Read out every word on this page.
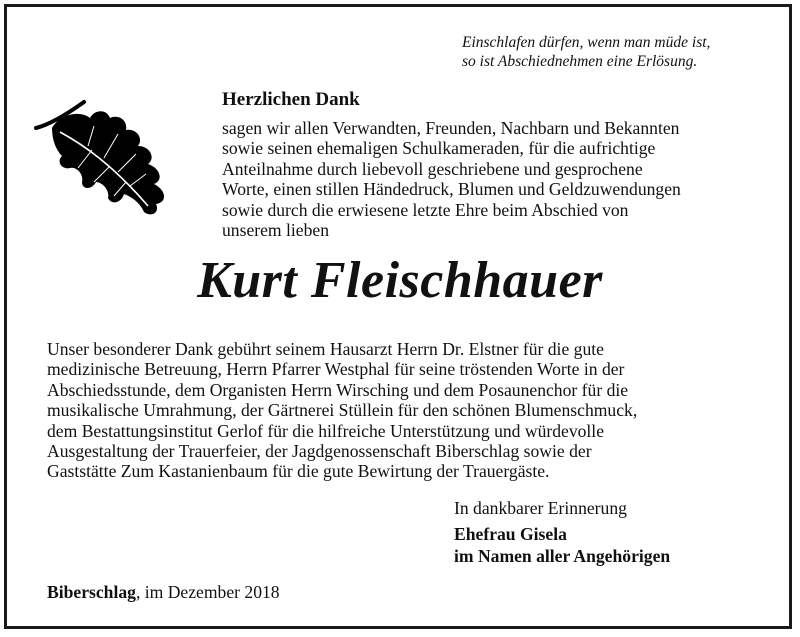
Einschlafen dürfen, wenn man müde ist,
so ist Abschiednehmen eine Erlösung.
Herzlichen Dank
sagen wir allen Verwandten, Freunden, Nachbarn und Bekannten
sowie seinen ehemaligen Schulkameraden, für die aufrichtige
Anteilnahme durch liebevoll geschriebene und gesprochene
Worte, einen stillen Händedruck, Blumen und Geldzuwendungen
sowie durch die erwiesene letzte Ehre beim Abschied von
unserem lieben
Kurt Fleischhauer
Unser besonderer Dank gebührt seinem Hausarzt Herrn Dr. Elstner für die gute
medizinische Betreuung, Herrn Pfarrer Westphal für seine tröstenden Worte in der
Abschiedsstunde, dem Organisten Herrn Wirsching und dem Posaunenchor für die
musikalische Umrahmung, der Gärtnerei Stüllein für den schönen Blumenschmuck,
dem Bestattungsinstitut Gerlof für die hilfreiche Unterstützung und würdevolle
Ausgestaltung der Trauerfeier, der Jagdgenossenschaft Biberschlag sowie der
Gaststätte Zum Kastanienbaum für die gute Bewirtung der Trauergäste.
In dankbarer Erinnerung
Ehefrau Gisela
im Namen aller Angehörigen
Biberschlag, im Dezember 2018
